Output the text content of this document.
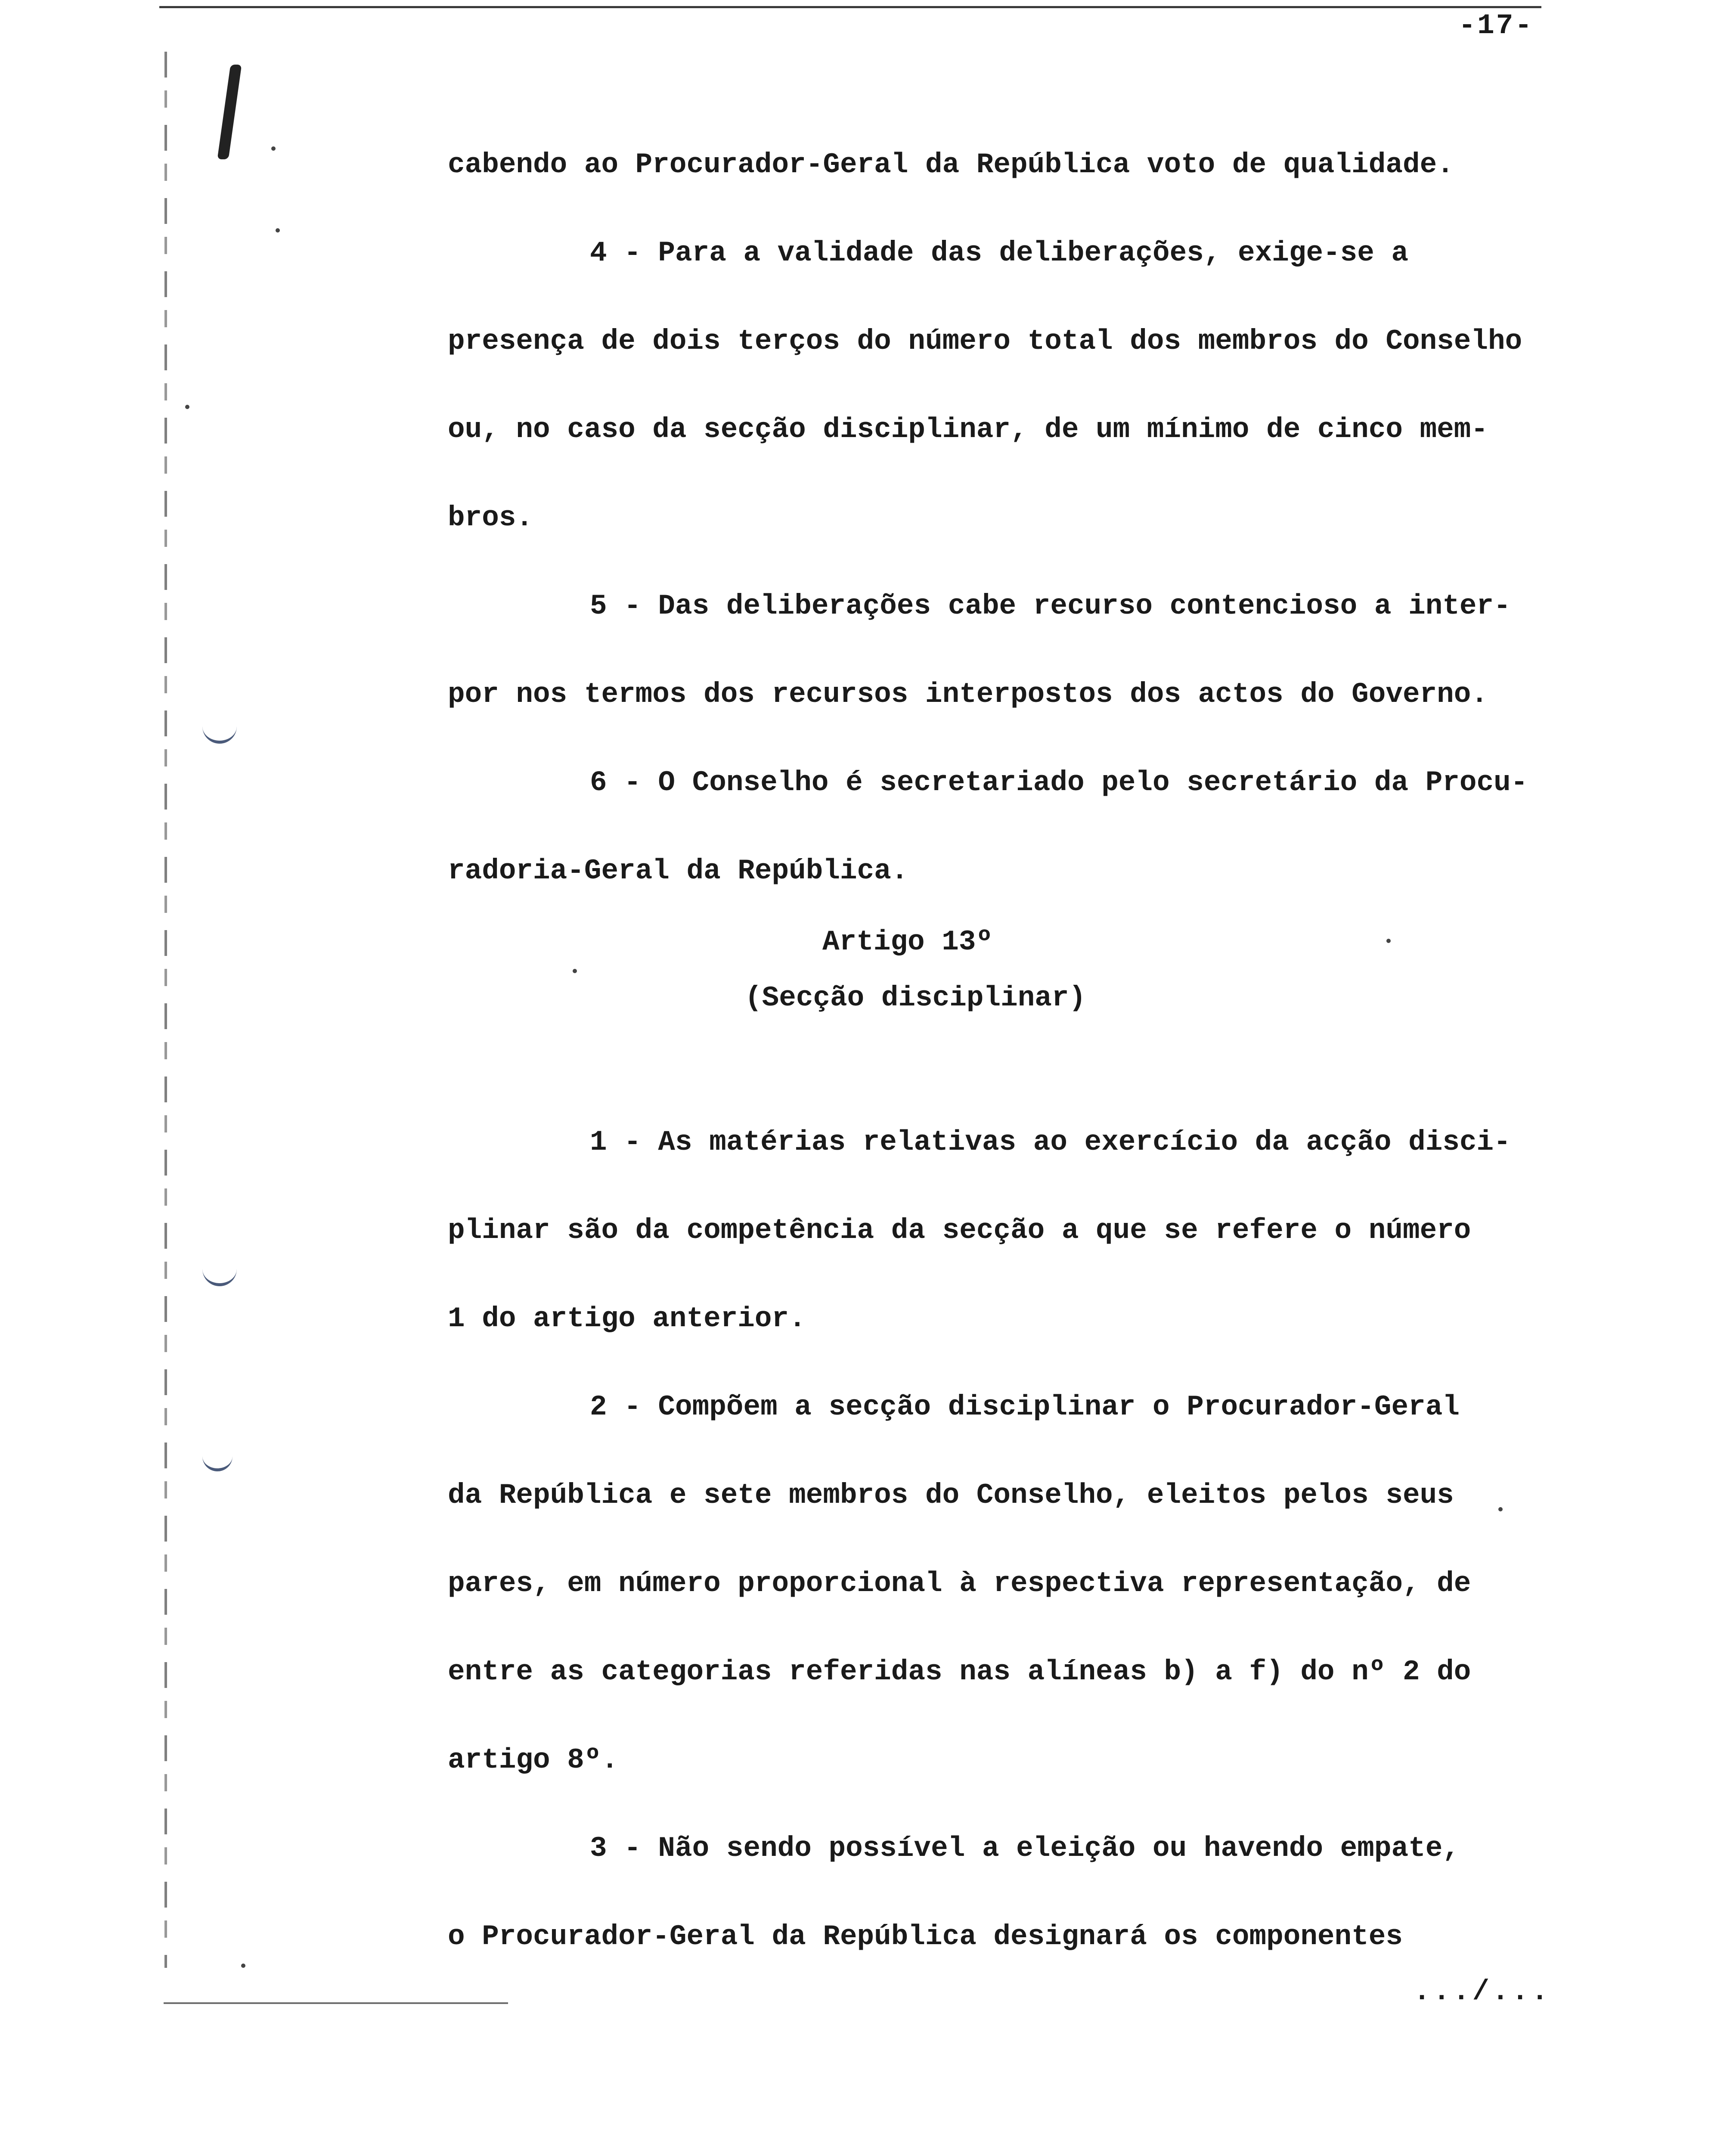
-17-
cabendo ao Procurador-Geral da República voto de qualidade.
4 - Para a validade das deliberações, exige-se a
presença de dois terços do número total dos membros do Conselho
ou, no caso da secção disciplinar, de um mínimo de cinco mem-
bros.
5 - Das deliberações cabe recurso contencioso a inter-
por nos termos dos recursos interpostos dos actos do Governo.
6 - O Conselho é secretariado pelo secretário da Procu-
radoria-Geral da República.
Artigo 13º
(Secção disciplinar)
1 - As matérias relativas ao exercício da acção disci-
plinar são da competência da secção a que se refere o número
1 do artigo anterior.
2 - Compõem a secção disciplinar o Procurador-Geral
da República e sete membros do Conselho, eleitos pelos seus
pares, em número proporcional à respectiva representação, de
entre as categorias referidas nas alíneas b) a f) do nº 2 do
artigo 8º.
3 - Não sendo possível a eleição ou havendo empate,
o Procurador-Geral da República designará os componentes
.../...
